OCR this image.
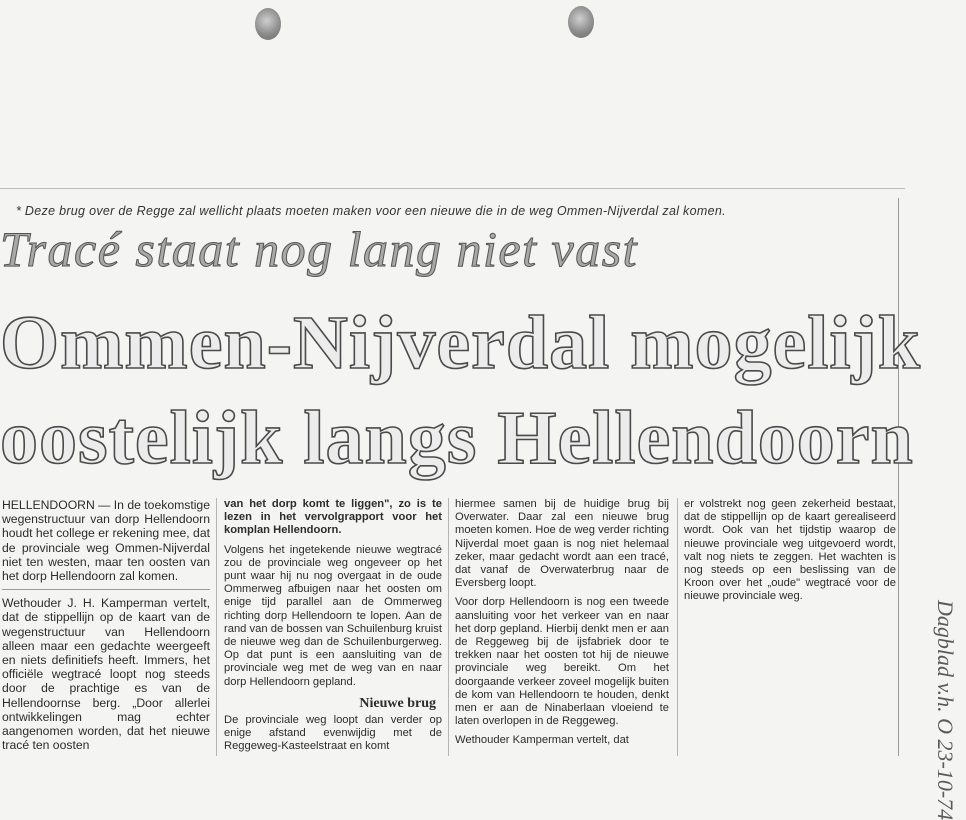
* Deze brug over de Regge zal wellicht plaats moeten maken voor een nieuwe die in de weg Ommen-Nijverdal zal komen.
Tracé staat nog lang niet vast
Ommen-Nijverdal mogelijk
oostelijk langs Hellendoorn

HELLENDOORN — In de toekomstige wegenstructuur van dorp Hellendoorn houdt het college er rekening mee, dat de provinciale weg Ommen-Nijverdal niet ten westen, maar ten oosten van het dorp Hellendoorn zal komen.

Wethouder J. H. Kamperman vertelt, dat de stippellijn op de kaart van de wegenstructuur van Hellendoorn alleen maar een gedachte weergeeft en niets definitiefs heeft. Immers, het officiële wegtracé loopt nog steeds door de prachtige es van de Hellendoornse berg. „Door allerlei ontwikkelingen mag echter aangenomen worden, dat het nieuwe tracé ten oosten

van het dorp komt te liggen", zo is te lezen in het vervolgrapport voor het komplan Hellendoorn.

Volgens het ingetekende nieuwe wegtracé zou de provinciale weg ongeveer op het punt waar hij nu nog overgaat in de oude Ommerweg afbuigen naar het oosten om enige tijd parallel aan de Ommerweg richting dorp Hellendoorn te lopen. Aan de rand van de bossen van Schuilenburg kruist de nieuwe weg dan de Schuilenburgerweg. Op dat punt is een aansluiting van de provinciale weg met de weg van en naar dorp Hellendoorn gepland.

Nieuwe brug

De provinciale weg loopt dan verder op enige afstand evenwijdig met de Reggeweg-Kasteelstraat en komt

hiermee samen bij de huidige brug bij Overwater. Daar zal een nieuwe brug moeten komen. Hoe de weg verder richting Nijverdal moet gaan is nog niet helemaal zeker, maar gedacht wordt aan een tracé, dat vanaf de Overwaterbrug naar de Eversberg loopt.

Voor dorp Hellendoorn is nog een tweede aansluiting voor het verkeer van en naar het dorp gepland. Hierbij denkt men er aan de Reggeweg bij de ijsfabriek door te trekken naar het oosten tot hij de nieuwe provinciale weg bereikt. Om het doorgaande verkeer zoveel mogelijk buiten de kom van Hellendoorn te houden, denkt men er aan de Ninaberlaan vloeiend te laten overlopen in de Reggeweg.

Wethouder Kamperman vertelt, dat

er volstrekt nog geen zekerheid bestaat, dat de stippellijn op de kaart gerealiseerd wordt. Ook van het tijdstip waarop de nieuwe provinciale weg uitgevoerd wordt, valt nog niets te zeggen. Het wachten is nog steeds op een beslissing van de Kroon over het „oude" wegtracé voor de nieuwe provinciale weg.

Dagblad v.h. O 23-10-74
